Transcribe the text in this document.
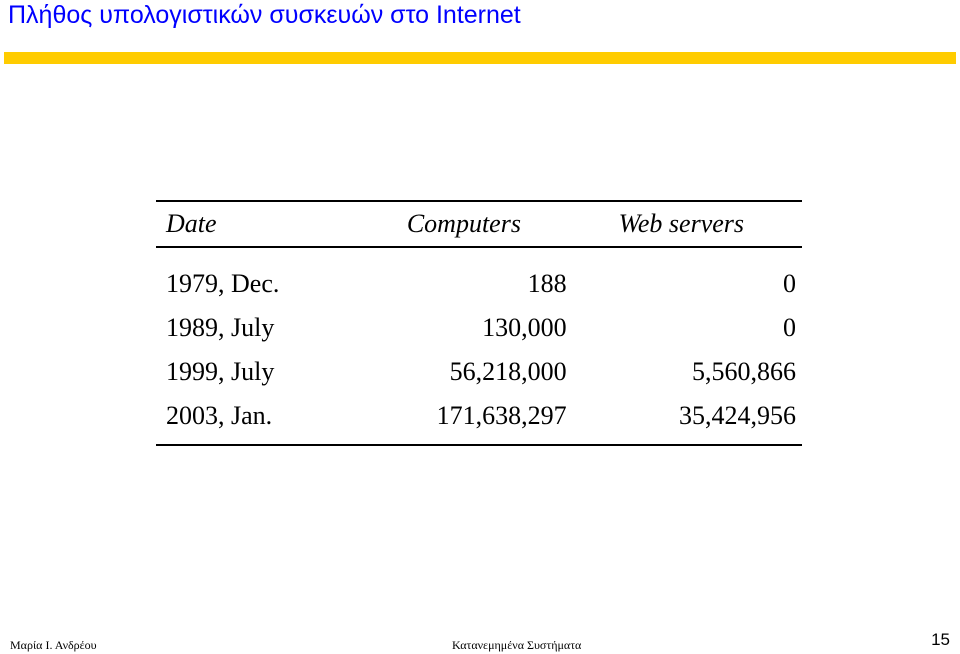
Πλήθος υπολογιστικών συσκευών στο Internet
Date	Computers	Web servers
1979, Dec.	188	0
1989, July	130,000	0
1999, July	56,218,000	5,560,866
2003, Jan.	171,638,297	35,424,956
Μαρία Ι. Ανδρέου	Κατανεμημένα Συστήματα	15
